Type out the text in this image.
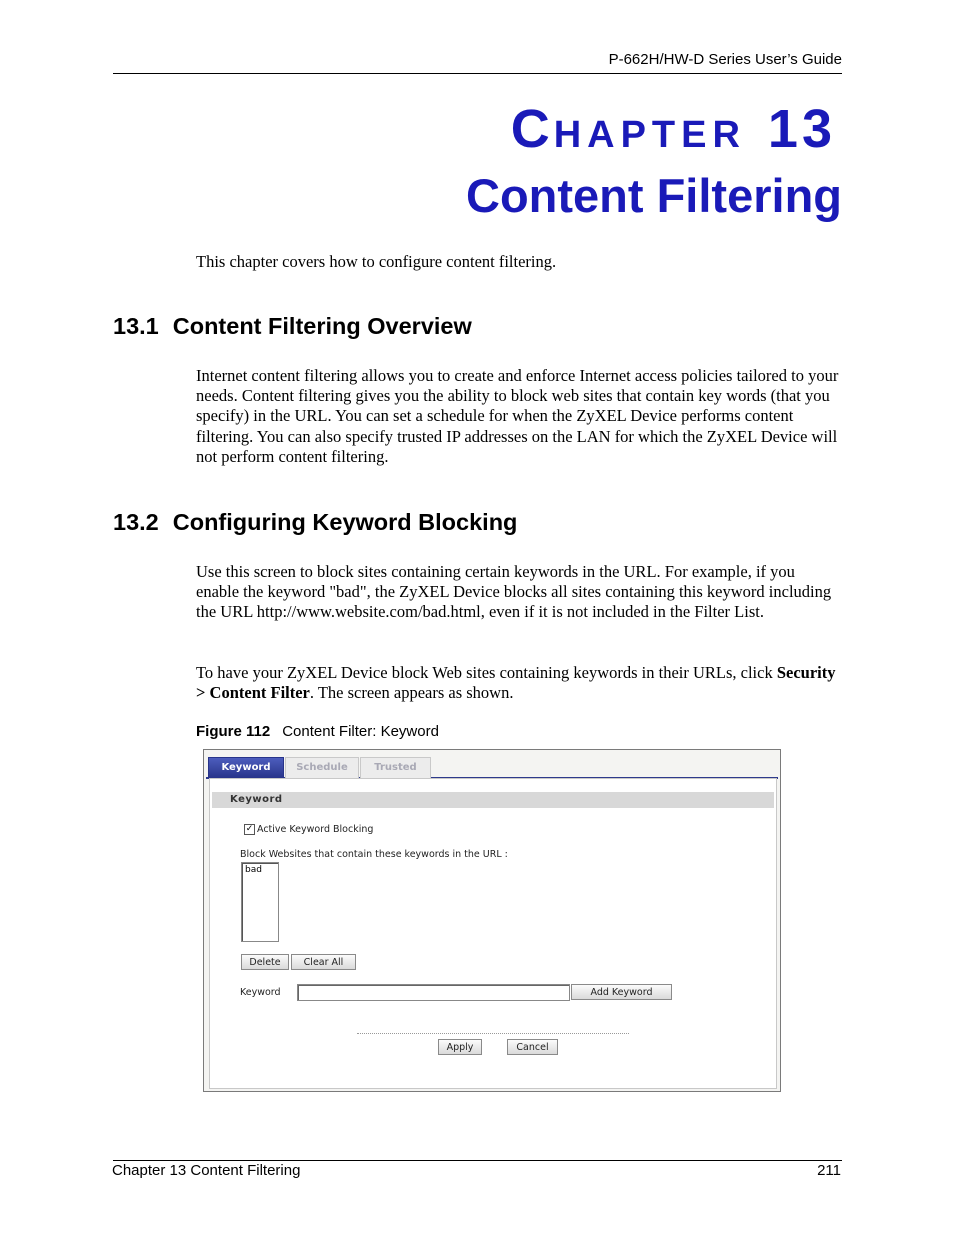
P-662H/HW-D Series User’s Guide
CHAPTER 13
Content Filtering
This chapter covers how to configure content filtering.
13.1 Content Filtering Overview
Internet content filtering allows you to create and enforce Internet access policies tailored to your needs. Content filtering gives you the ability to block web sites that contain key words (that you specify) in the URL. You can set a schedule for when the ZyXEL Device performs content filtering. You can also specify trusted IP addresses on the LAN for which the ZyXEL Device will not perform content filtering.
13.2 Configuring Keyword Blocking
Use this screen to block sites containing certain keywords in the URL. For example, if you enable the keyword "bad", the ZyXEL Device blocks all sites containing this keyword including the URL http://www.website.com/bad.html, even if it is not included in the Filter List.
To have your ZyXEL Device block Web sites containing keywords in their URLs, click Security > Content Filter. The screen appears as shown.
Figure 112 Content Filter: Keyword
Keyword	Schedule	Trusted
Keyword
✓ Active Keyword Blocking
Block Websites that contain these keywords in the URL :
bad
Delete	Clear All
Keyword	Add Keyword
Apply	Cancel
Chapter 13 Content Filtering	211
